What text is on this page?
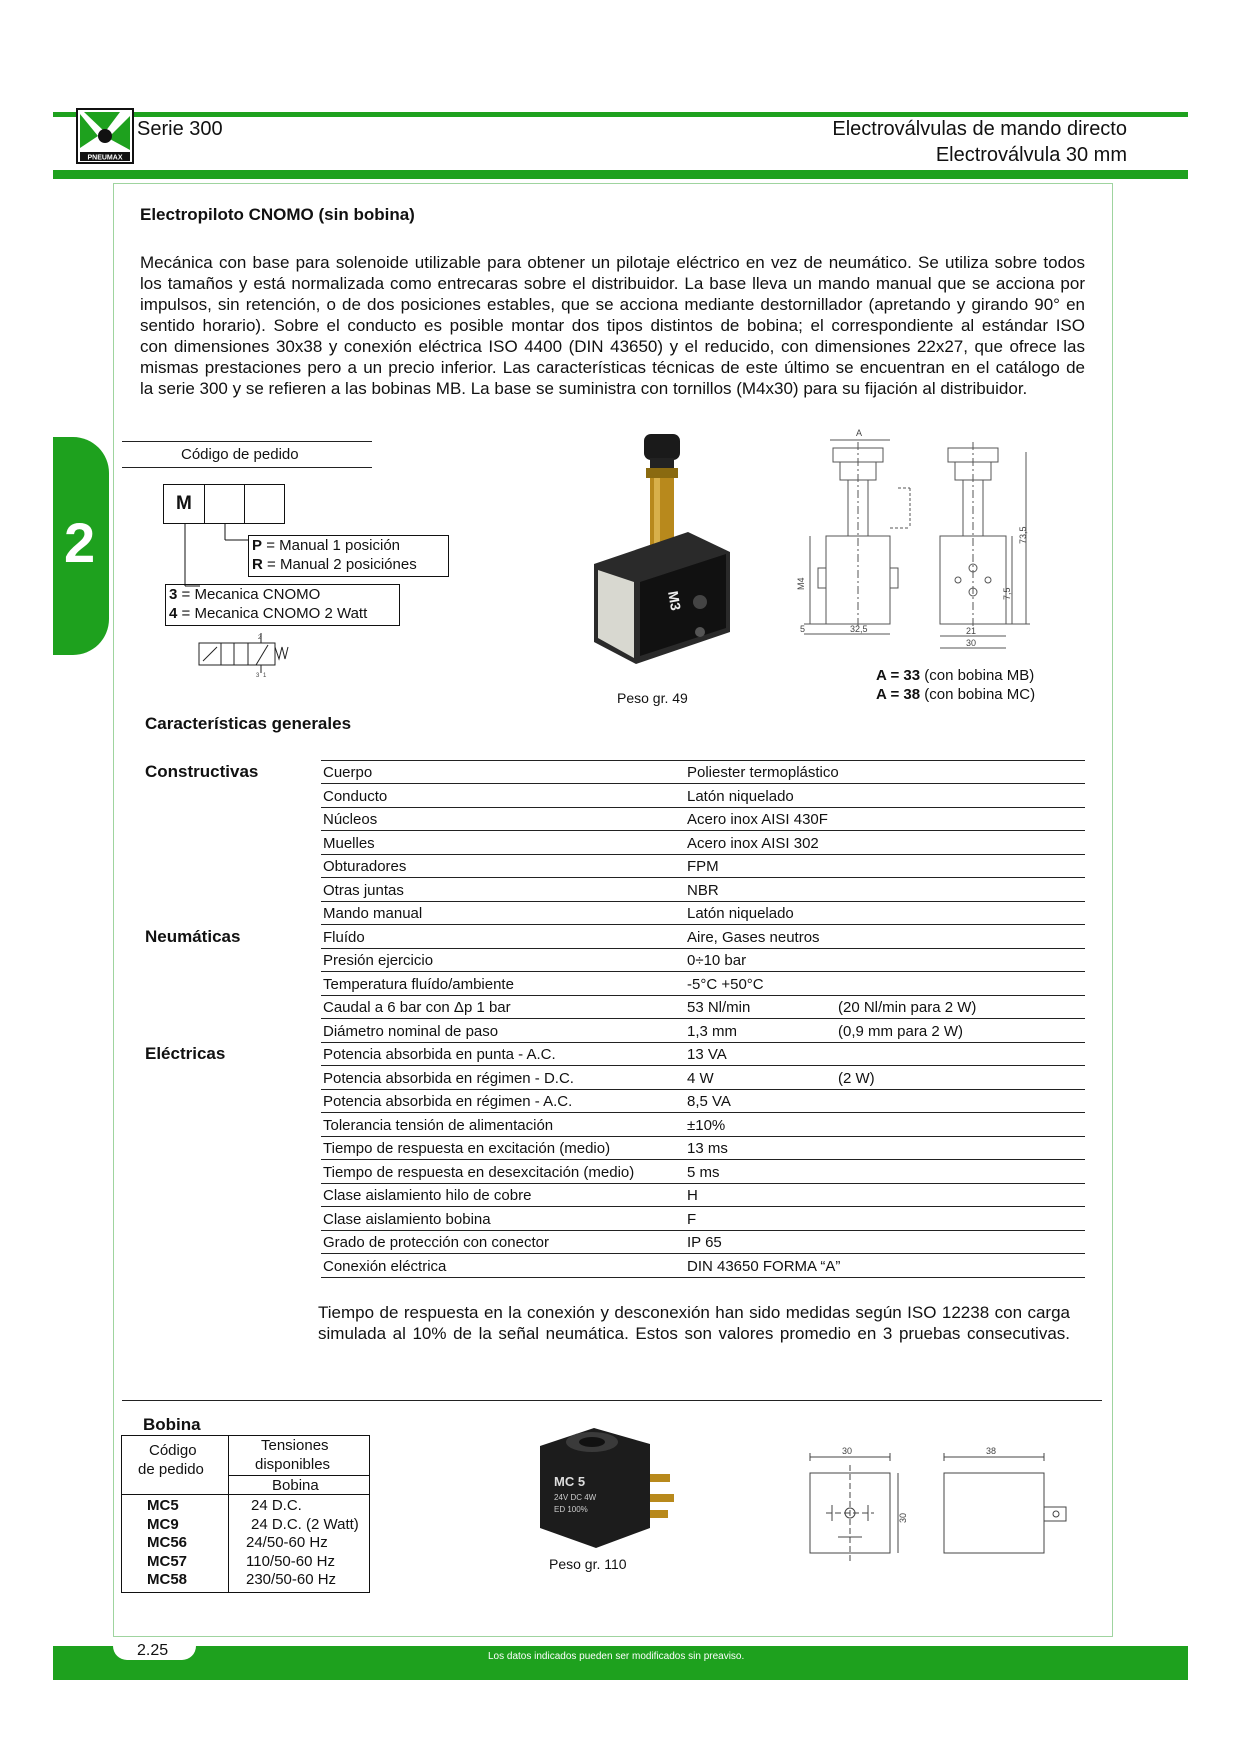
PNEUMAX
Serie 300	Electroválvulas de mando directo
Electroválvula 30 mm
2
Electropiloto CNOMO (sin bobina)
Mecánica con base para solenoide utilizable para obtener un pilotaje eléctrico en vez de neumático. Se utiliza sobre todos
los tamaños y está normalizada como entrecaras sobre el distribuidor. La base lleva un mando manual que se acciona por
impulsos, sin retención, o de dos posiciones estables, que se acciona mediante destornillador (apretando y girando 90° en
sentido horario). Sobre el conducto es posible montar dos tipos distintos de bobina; el correspondiente al estándar ISO
con dimensiones 30x38 y conexión eléctrica ISO 4400 (DIN 43650) y el reducido, con dimensiones 22x27, que ofrece las
mismas prestaciones pero a un precio inferior. Las características técnicas de este último se encuentran en el catálogo de
la serie 300 y se refieren a las bobinas MB. La base se suministra con tornillos (M4x30) para su fijación al distribuidor.
Código de pedido
M
P = Manual 1 posición
R = Manual 2 posiciónes
3 = Mecanica CNOMO
4 = Mecanica CNOMO 2 Watt
2
3 1
M3
Peso gr. 49
A
73,5
7,5
M4
5	32,5	21
30
A = 33 (con bobina MB)
A = 38 (con bobina MC)
Características generales
Constructivas	Cuerpo	Poliester termoplástico
Conducto	Latón niquelado
Núcleos	Acero inox AISI 430F
Muelles	Acero inox AISI 302
Obturadores	FPM
Otras juntas	NBR
Mando manual	Latón niquelado
Neumáticas	Fluído	Aire, Gases neutros
Presión ejercicio	0÷10 bar
Temperatura fluído/ambiente	-5°C +50°C
Caudal a 6 bar con Δp 1 bar	53 Nl/min	(20 Nl/min para 2 W)
Diámetro nominal de paso	1,3 mm	(0,9 mm para 2 W)
Eléctricas	Potencia absorbida en punta - A.C.	13 VA
Potencia absorbida en régimen - D.C.	4 W	(2 W)
Potencia absorbida en régimen - A.C.	8,5 VA
Tolerancia tensión de alimentación	±10%
Tiempo de respuesta en excitación (medio)	13 ms
Tiempo de respuesta en desexcitación (medio)	5 ms
Clase aislamiento hilo de cobre	H
Clase aislamiento bobina	F
Grado de protección con conector	IP 65
Conexión eléctrica	DIN 43650 FORMA “A”
Tiempo de respuesta en la conexión y desconexión han sido medidas según ISO 12238 con carga
simulada al 10% de la señal neumática. Estos son valores promedio en 3 pruebas consecutivas.
Bobina
Código
de pedido
Tensiones
disponibles
Bobina
MC5	24 D.C.
MC9	24 D.C. (2 Watt)
MC56	24/50-60 Hz
MC57	110/50-60 Hz
MC58	230/50-60 Hz
MC 5
24V DC 4W
ED 100%
Peso gr. 110
30	38
30
2.25	Los datos indicados pueden ser modificados sin preaviso.
